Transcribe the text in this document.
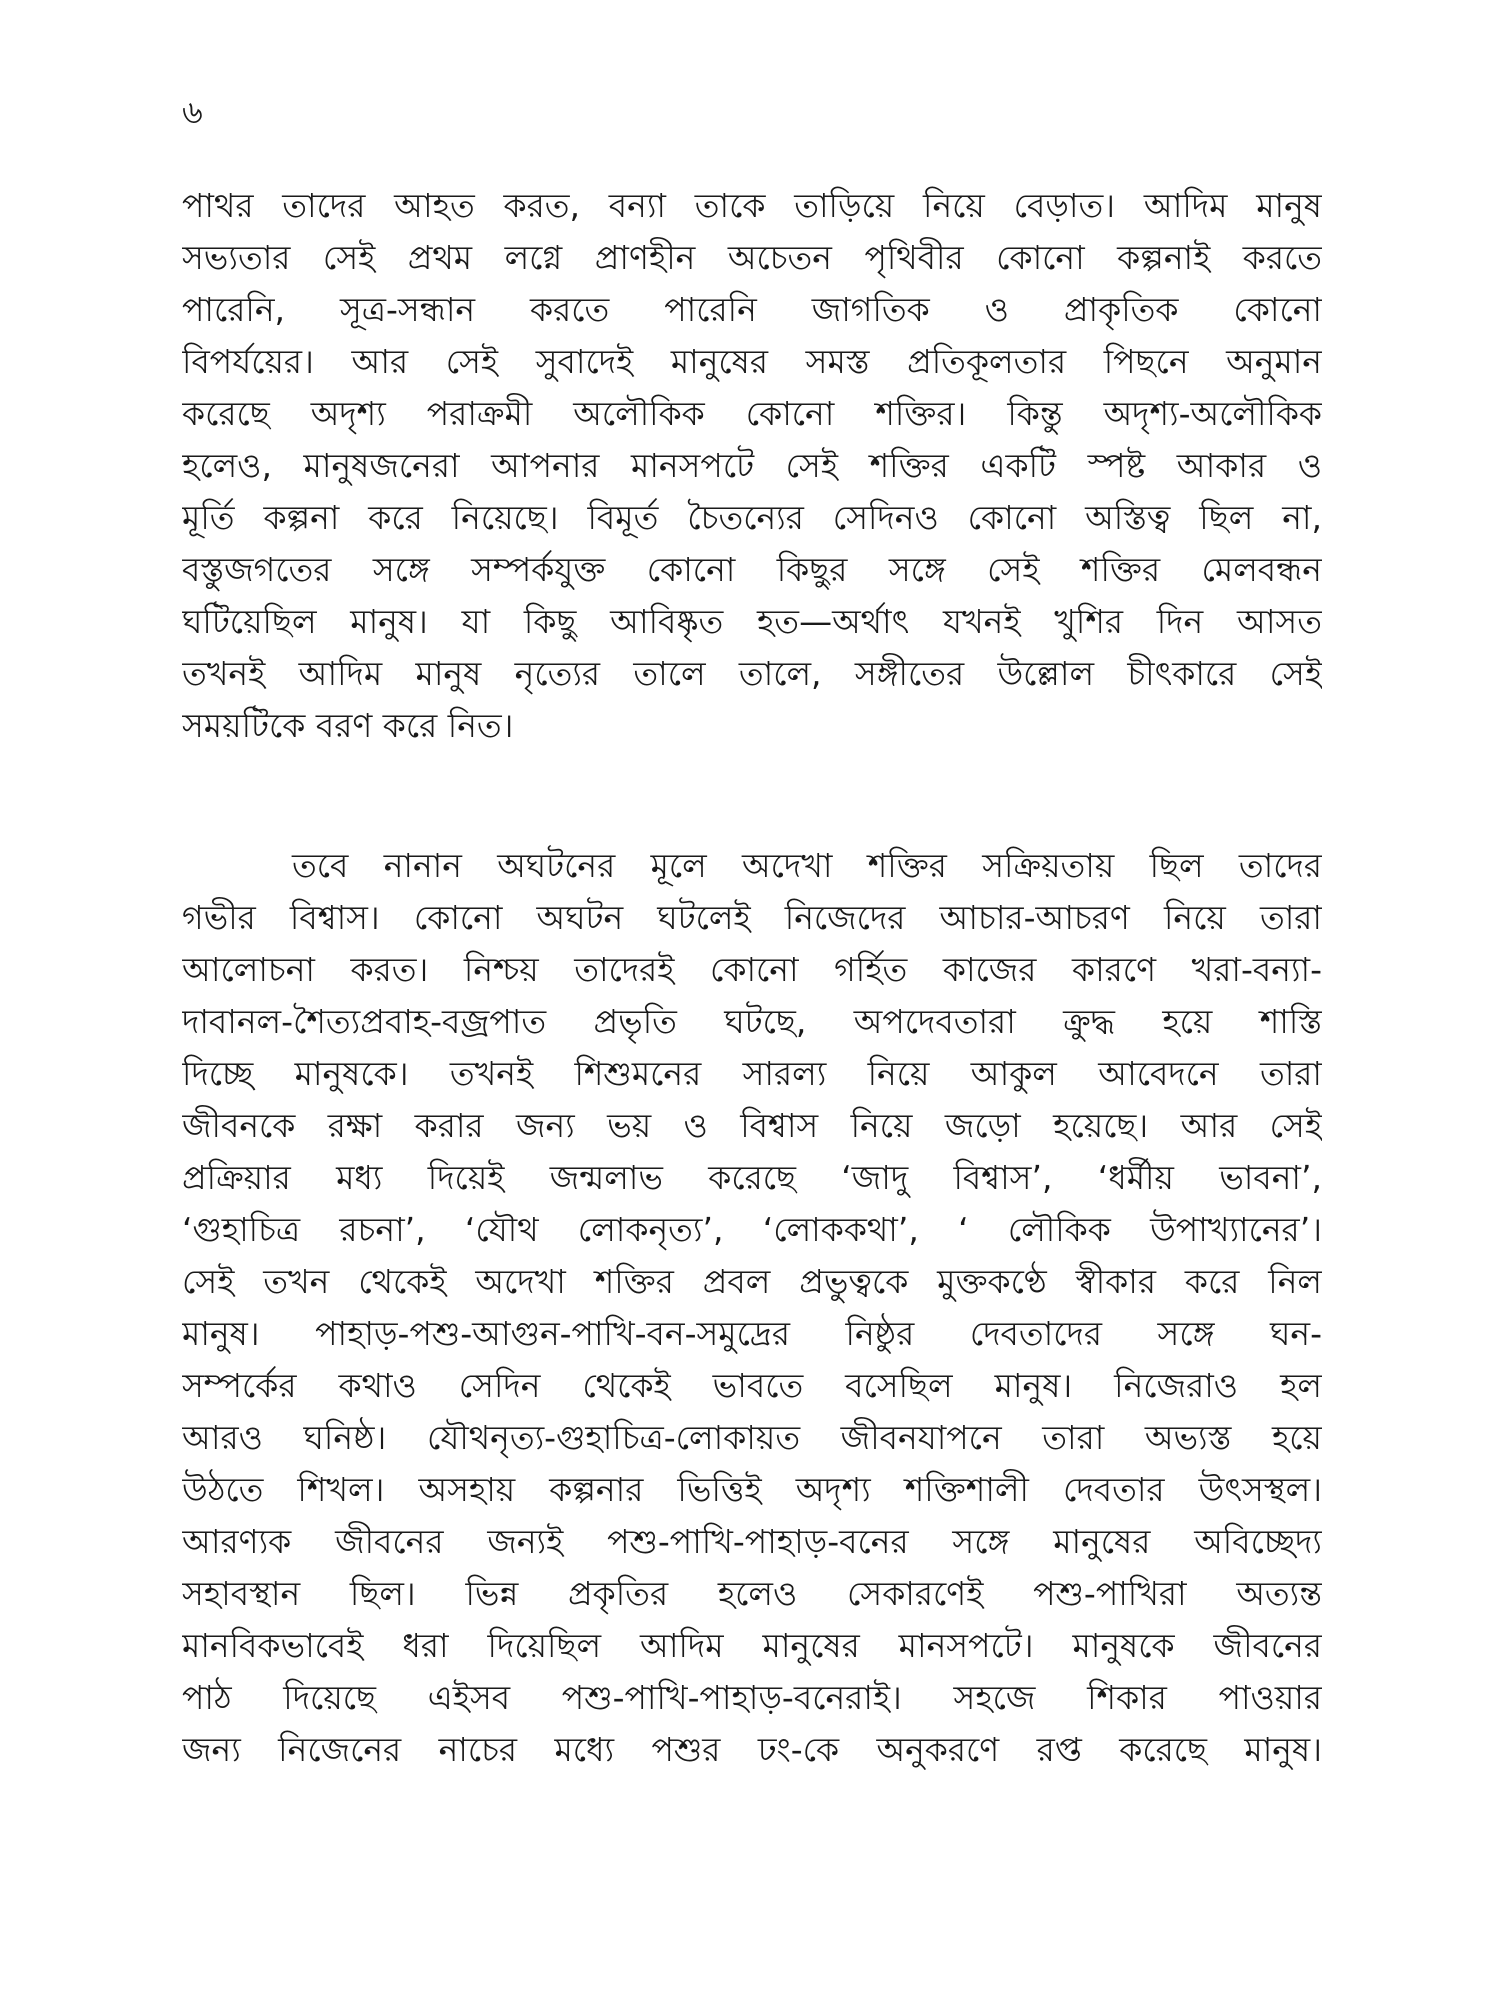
৬
পাথর তাদের আহত করত, বন্যা তাকে তাড়িয়ে নিয়ে বেড়াত। আদিম মানুষ
সভ্যতার সেই প্রথম লগ্নে প্রাণহীন অচেতন পৃথিবীর কোনো কল্পনাই করতে
পারেনি, সূত্র-সন্ধান করতে পারেনি জাগতিক ও প্রাকৃতিক কোনো
বিপর্যয়ের। আর সেই সুবাদেই মানুষের সমস্ত প্রতিকূলতার পিছনে অনুমান
করেছে অদৃশ্য পরাক্রমী অলৌকিক কোনো শক্তির। কিন্তু অদৃশ্য-অলৌকিক
হলেও, মানুষজনেরা আপনার মানসপটে সেই শক্তির একটি স্পষ্ট আকার ও
মূর্তি কল্পনা করে নিয়েছে। বিমূর্ত চৈতন্যের সেদিনও কোনো অস্তিত্ব ছিল না,
বস্তুজগতের সঙ্গে সম্পর্কযুক্ত কোনো কিছুর সঙ্গে সেই শক্তির মেলবন্ধন
ঘটিয়েছিল মানুষ। যা কিছু আবিষ্কৃত হত—অর্থাৎ যখনই খুশির দিন আসত
তখনই আদিম মানুষ নৃত্যের তালে তালে, সঙ্গীতের উল্লোল চীৎকারে সেই
সময়টিকে বরণ করে নিত।
তবে নানান অঘটনের মূলে অদেখা শক্তির সক্রিয়তায় ছিল তাদের
গভীর বিশ্বাস। কোনো অঘটন ঘটলেই নিজেদের আচার-আচরণ নিয়ে তারা
আলোচনা করত। নিশ্চয় তাদেরই কোনো গর্হিত কাজের কারণে খরা-বন্যা-
দাবানল-শৈত্যপ্রবাহ-বজ্রপাত প্রভৃতি ঘটছে, অপদেবতারা ক্রুদ্ধ হয়ে শাস্তি
দিচ্ছে মানুষকে। তখনই শিশুমনের সারল্য নিয়ে আকুল আবেদনে তারা
জীবনকে রক্ষা করার জন্য ভয় ও বিশ্বাস নিয়ে জড়ো হয়েছে। আর সেই
প্রক্রিয়ার মধ্য দিয়েই জন্মলাভ করেছে ‘জাদু বিশ্বাস’, ‘ধর্মীয় ভাবনা’,
‘গুহাচিত্র রচনা’, ‘যৌথ লোকনৃত্য’, ‘লোককথা’, ‘ লৌকিক উপাখ্যানের’।
সেই তখন থেকেই অদেখা শক্তির প্রবল প্রভুত্বকে মুক্তকণ্ঠে স্বীকার করে নিল
মানুষ। পাহাড়-পশু-আগুন-পাখি-বন-সমুদ্রের নিষ্ঠুর দেবতাদের সঙ্গে ঘন-
সম্পর্কের কথাও সেদিন থেকেই ভাবতে বসেছিল মানুষ। নিজেরাও হল
আরও ঘনিষ্ঠ। যৌথনৃত্য-গুহাচিত্র-লোকায়ত জীবনযাপনে তারা অভ্যস্ত হয়ে
উঠতে শিখল। অসহায় কল্পনার ভিত্তিই অদৃশ্য শক্তিশালী দেবতার উৎসস্থল।
আরণ্যক জীবনের জন্যই পশু-পাখি-পাহাড়-বনের সঙ্গে মানুষের অবিচ্ছেদ্য
সহাবস্থান ছিল। ভিন্ন প্রকৃতির হলেও সেকারণেই পশু-পাখিরা অত্যন্ত
মানবিকভাবেই ধরা দিয়েছিল আদিম মানুষের মানসপটে। মানুষকে জীবনের
পাঠ দিয়েছে এইসব পশু-পাখি-পাহাড়-বনেরাই। সহজে শিকার পাওয়ার
জন্য নিজেনের নাচের মধ্যে পশুর ঢং-কে অনুকরণে রপ্ত করেছে মানুষ।
